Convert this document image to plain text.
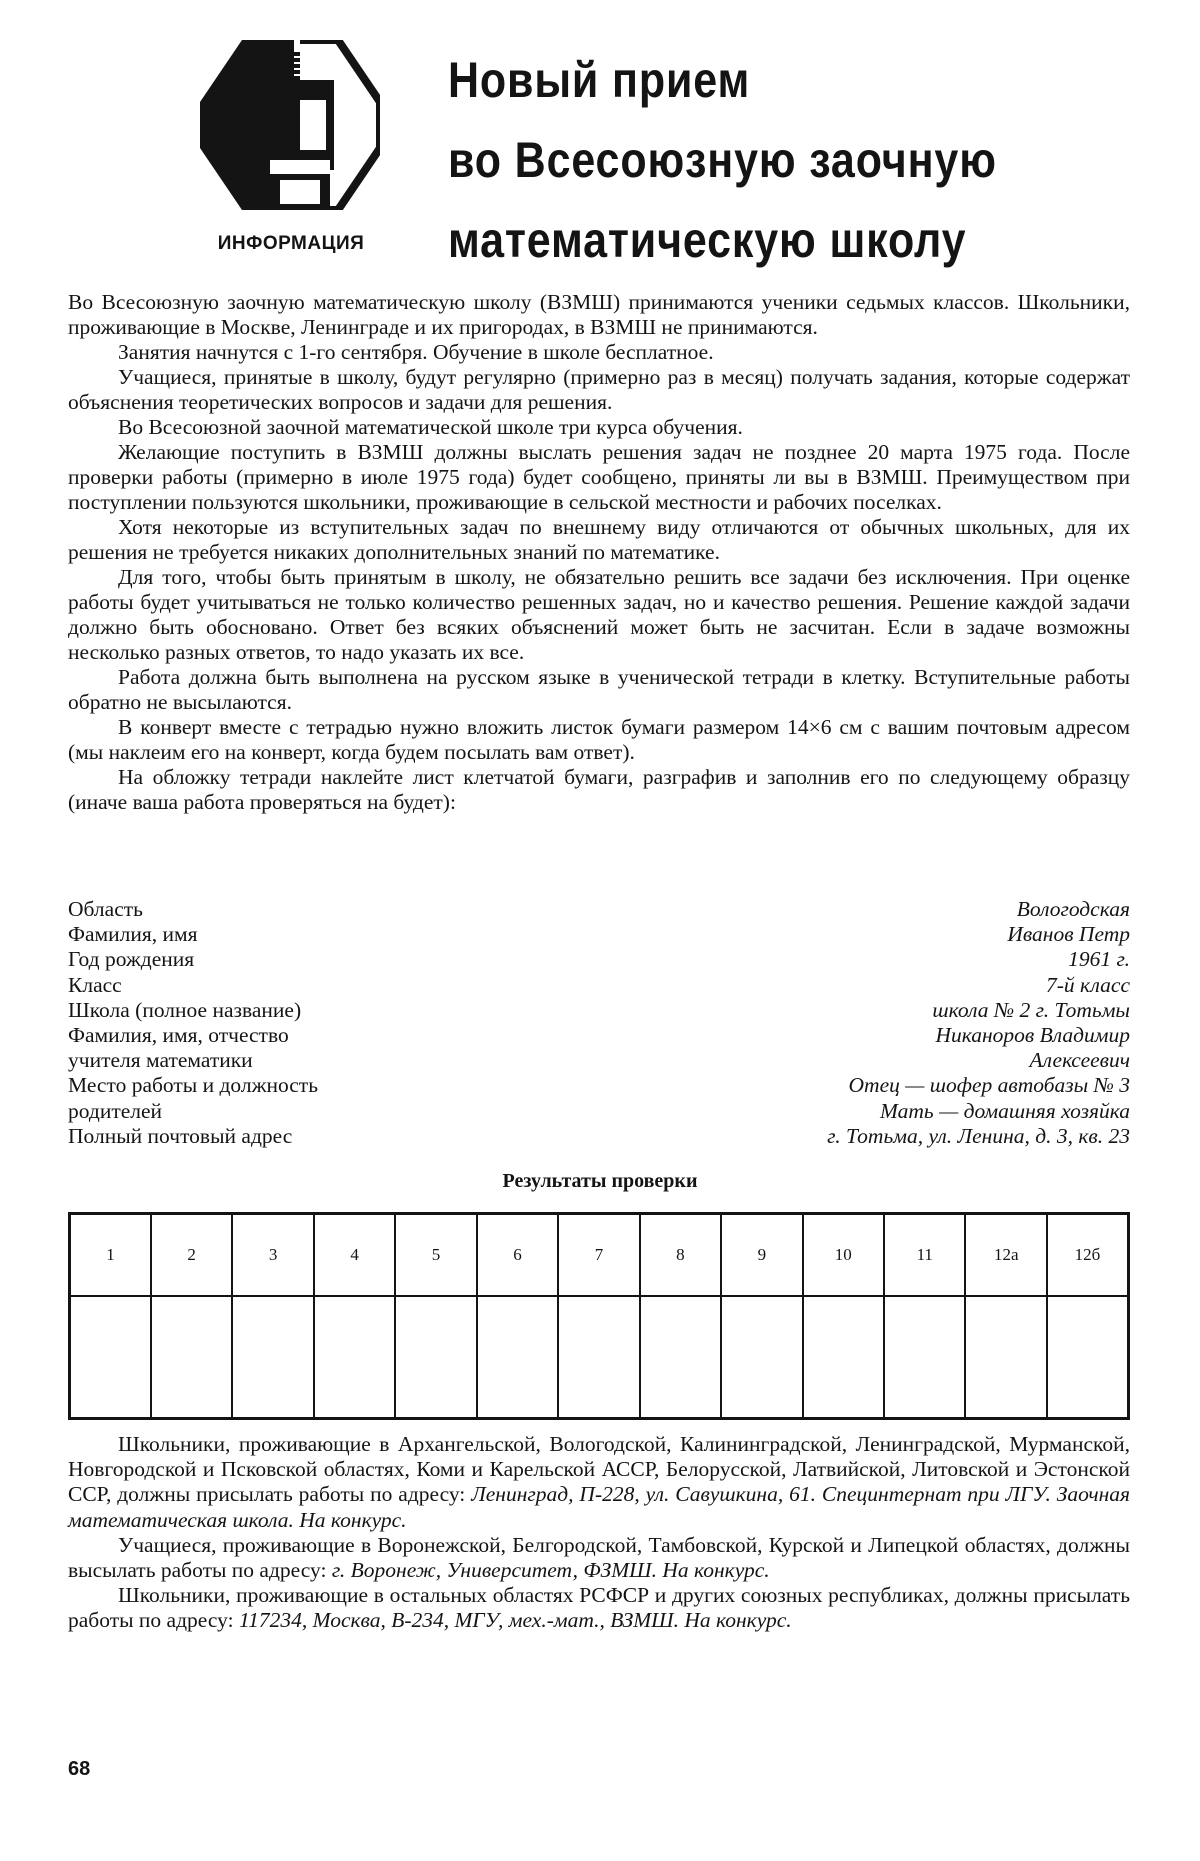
ИНФОРМАЦИЯ
Новый прием
во Всесоюзную заочную
математическую школу

Во Всесоюзную заочную математическую школу (ВЗМШ) принимаются ученики седьмых классов. Школьники, проживающие в Москве, Ленинграде и их пригородах, в ВЗМШ не принимаются.

Занятия начнутся с 1-го сентября. Обучение в школе бесплатное.

Учащиеся, принятые в школу, будут регулярно (примерно раз в месяц) получать задания, которые содержат объяснения теоретических вопросов и задачи для решения.

Во Всесоюзной заочной математической школе три курса обучения.

Желающие поступить в ВЗМШ должны выслать решения задач не позднее 20 марта 1975 года. После проверки работы (примерно в июле 1975 года) будет сообщено, приняты ли вы в ВЗМШ. Преимуществом при поступлении пользуются школьники, проживающие в сельской местности и рабочих поселках.

Хотя некоторые из вступительных задач по внешнему виду отличаются от обычных школьных, для их решения не требуется никаких дополнительных знаний по математике.

Для того, чтобы быть принятым в школу, не обязательно решить все задачи без исключения. При оценке работы будет учитываться не только количество решенных задач, но и качество решения. Решение каждой задачи должно быть обосновано. Ответ без всяких объяснений может быть не засчитан. Если в задаче возможны несколько разных ответов, то надо указать их все.

Работа должна быть выполнена на русском языке в ученической тетради в клетку. Вступительные работы обратно не высылаются.

В конверт вместе с тетрадью нужно вложить листок бумаги размером 14×6 см с вашим почтовым адресом (мы наклеим его на конверт, когда будем посылать вам ответ).

На обложку тетради наклейте лист клетчатой бумаги, разграфив и заполнив его по следующему образцу (иначе ваша работа проверяться на будет):

Область	Вологодская
Фамилия, имя	Иванов Петр
Год рождения	1961 г.
Класс	7-й класс
Школа (полное название)	школа № 2 г. Тотьмы
Фамилия, имя, отчество	Никаноров Владимир
учителя математики	Алексеевич
Место работы и должность	Отец — шофер автобазы № 3
родителей	Мать — домашняя хозяйка
Полный почтовый адрес	г. Тотьма, ул. Ленина, д. 3, кв. 23
Результаты проверки
1	2	3	4	5	6	7	8	9	10	11	12а	12б

Школьники, проживающие в Архангельской, Вологодской, Калининградской, Ленинградской, Мурманской, Новгородской и Псковской областях, Коми и Карельской АССР, Белорусской, Латвийской, Литовской и Эстонской ССР, должны присылать работы по адресу: Ленинград, П-228, ул. Савушкина, 61. Специнтернат при ЛГУ. Заочная математическая школа. На конкурс.

Учащиеся, проживающие в Воронежской, Белгородской, Тамбовской, Курской и Липецкой областях, должны высылать работы по адресу: г. Воронеж, Университет, ФЗМШ. На конкурс.

Школьники, проживающие в остальных областях РСФСР и других союзных республиках, должны присылать работы по адресу: 117234, Москва, В-234, МГУ, мех.-мат., ВЗМШ. На конкурс.

68
